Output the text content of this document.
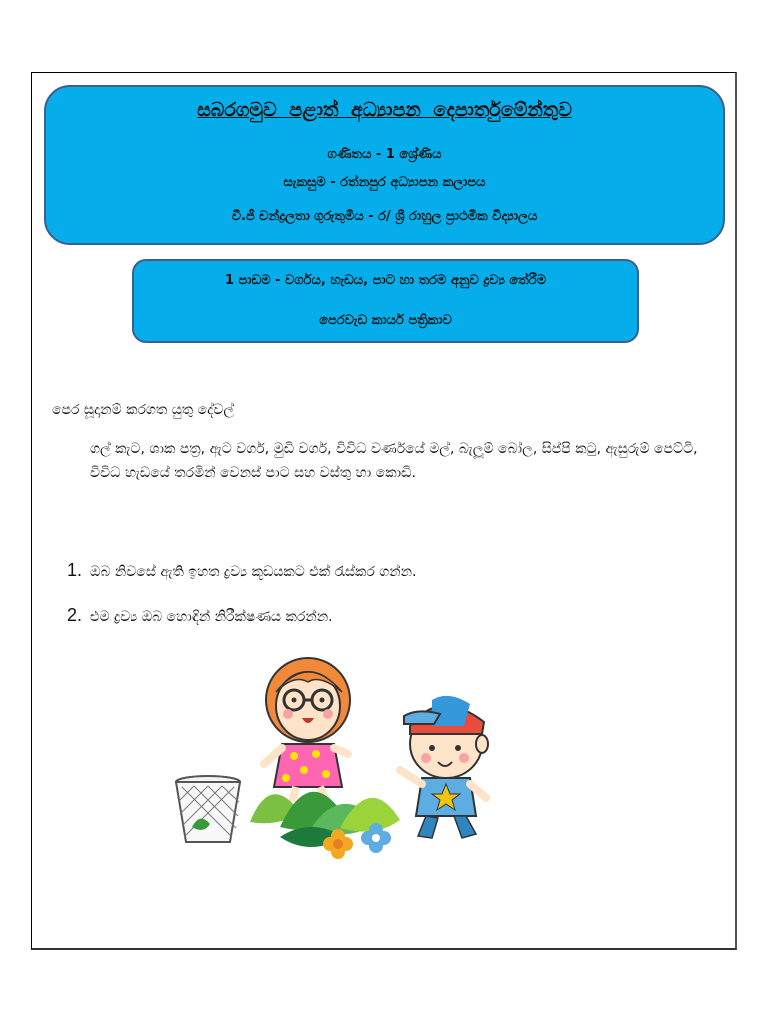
සබරගමුව පළාත් අධ්‍යාපන දෙපාර්තුමේන්තුව
ගණිතය - 1 ශ්‍රේණිය
සැකසුම - රත්නපුර අධ්‍යාපන කලාපය
වී.ජී චන්ද්‍රලතා ගුරුතුමිය - ර/ ශ්‍රී රාහුල ප්‍රාථමික විද්‍යාලය
1 පාඩම - වර්ගය, හැඩය, පාට හා තරම අනුව ද්‍රව්‍ය තේරීම
පෙරවැඩ කාර්ය පත්‍රිකාව
පෙර සූදානම් කරගත යුතු දේවල්
ගල් කැට, ශාක පත්‍ර, ඇට වර්ග, මුඩි වර්ග, විවිධ වර්ණයේ මල්, බැලූම් බෝල, සිප්පි කටු, ඇසුරුම් පෙට්ටි, විවිධ හැඩයේ තරමින් වෙනස් පාට සහ වස්තු හා කොඩි.
1. ඔබ නිවසේ ඇති ඉහත ද්‍රව්‍ය කූඩයකට එක් රැස්කර ගන්න.
2. එම ද්‍රව්‍ය ඔබ හොඳින් නිරීක්ෂණය කරන්න.
